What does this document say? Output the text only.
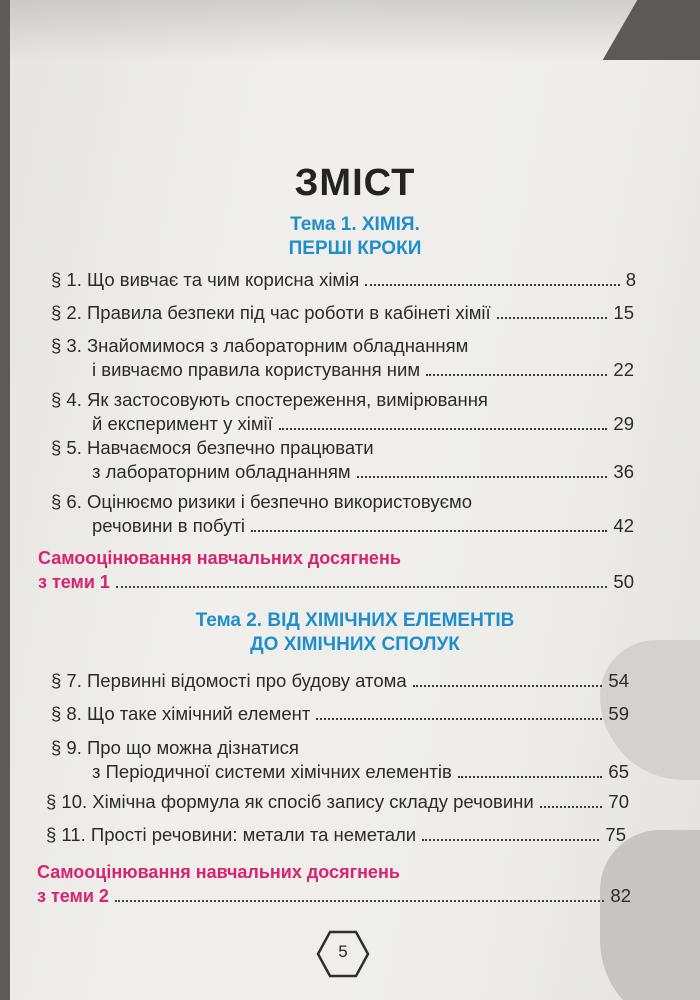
ЗМІСТ
Тема 1. ХІМІЯ.
ПЕРШІ КРОКИ
§ 1. Що вивчає та чим корисна хімія	8
§ 2. Правила безпеки під час роботи в кабінеті хімії	15
§ 3. Знайомимося з лабораторним обладнанням
і вивчаємо правила користування ним	22
§ 4. Як застосовують спостереження, вимірювання
й експеримент у хімії	29
§ 5. Навчаємося безпечно працювати
з лабораторним обладнанням	36
§ 6. Оцінюємо ризики і безпечно використовуємо
речовини в побуті	42
Самооцінювання навчальних досягнень
з теми 1	50
Тема 2. ВІД ХІМІЧНИХ ЕЛЕМЕНТІВ
ДО ХІМІЧНИХ СПОЛУК
§ 7. Первинні відомості про будову атома	54
§ 8. Що таке хімічний елемент	59
§ 9. Про що можна дізнатися
з Періодичної системи хімічних елементів	65
§ 10. Хімічна формула як спосіб запису складу речовини	70
§ 11. Прості речовини: метали та неметали	75
Самооцінювання навчальних досягнень
з теми 2	82
5
